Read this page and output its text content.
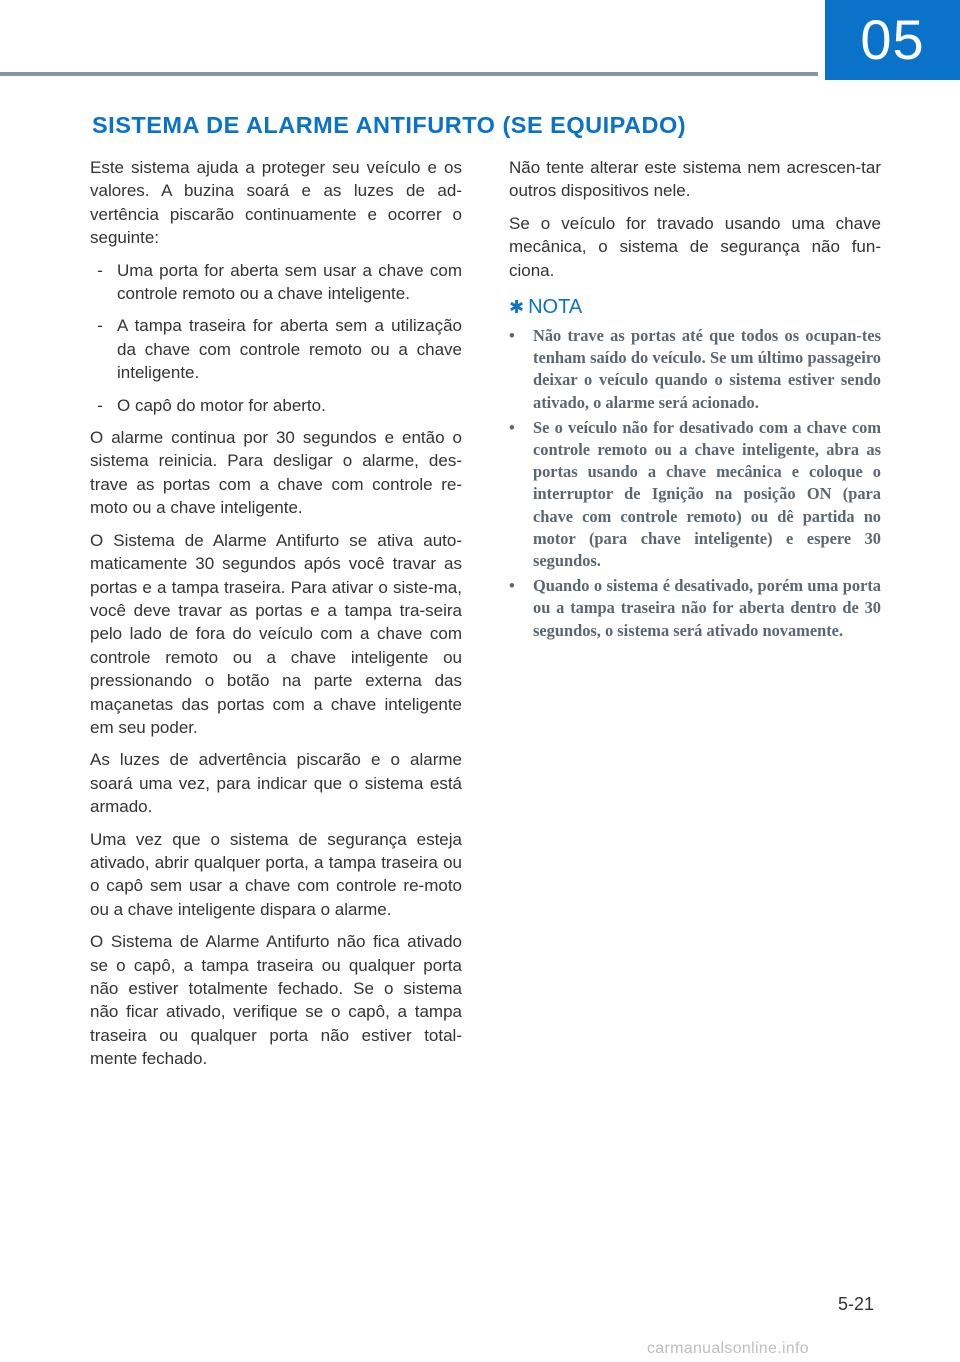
05
SISTEMA DE ALARME ANTIFURTO (SE EQUIPADO)

Este sistema ajuda a proteger seu veículo e os valores. A buzina soará e as luzes de ad-vertência piscarão continuamente e ocorrer o seguinte:

- Uma porta for aberta sem usar a chave com controle remoto ou a chave inteligente.

- A tampa traseira for aberta sem a utilização da chave com controle remoto ou a chave inteligente.

- O capô do motor for aberto.

O alarme continua por 30 segundos e então o sistema reinicia. Para desligar o alarme, des-trave as portas com a chave com controle re-moto ou a chave inteligente.

O Sistema de Alarme Antifurto se ativa auto-maticamente 30 segundos após você travar as portas e a tampa traseira. Para ativar o siste-ma, você deve travar as portas e a tampa tra-seira pelo lado de fora do veículo com a chave com controle remoto ou a chave inteligente ou pressionando o botão na parte externa das maçanetas das portas com a chave inteligente em seu poder.

As luzes de advertência piscarão e o alarme soará uma vez, para indicar que o sistema está armado.

Uma vez que o sistema de segurança esteja ativado, abrir qualquer porta, a tampa traseira ou o capô sem usar a chave com controle re-moto ou a chave inteligente dispara o alarme.

O Sistema de Alarme Antifurto não fica ativado se o capô, a tampa traseira ou qualquer porta não estiver totalmente fechado. Se o sistema não ficar ativado, verifique se o capô, a tampa traseira ou qualquer porta não estiver total-mente fechado.

Não tente alterar este sistema nem acrescen-tar outros dispositivos nele.

Se o veículo for travado usando uma chave mecânica, o sistema de segurança não fun-ciona.

✱ NOTA
• Não trave as portas até que todos os ocupan-tes tenham saído do veículo. Se um último passageiro deixar o veículo quando o sistema estiver sendo ativado, o alarme será acionado.
• Se o veículo não for desativado com a chave com controle remoto ou a chave inteligente, abra as portas usando a chave mecânica e coloque o interruptor de Ignição na posição ON (para chave com controle remoto) ou dê partida no motor (para chave inteligente) e espere 30 segundos.
• Quando o sistema é desativado, porém uma porta ou a tampa traseira não for aberta dentro de 30 segundos, o sistema será ativado novamente.
5-21
carmanualsonline.info
